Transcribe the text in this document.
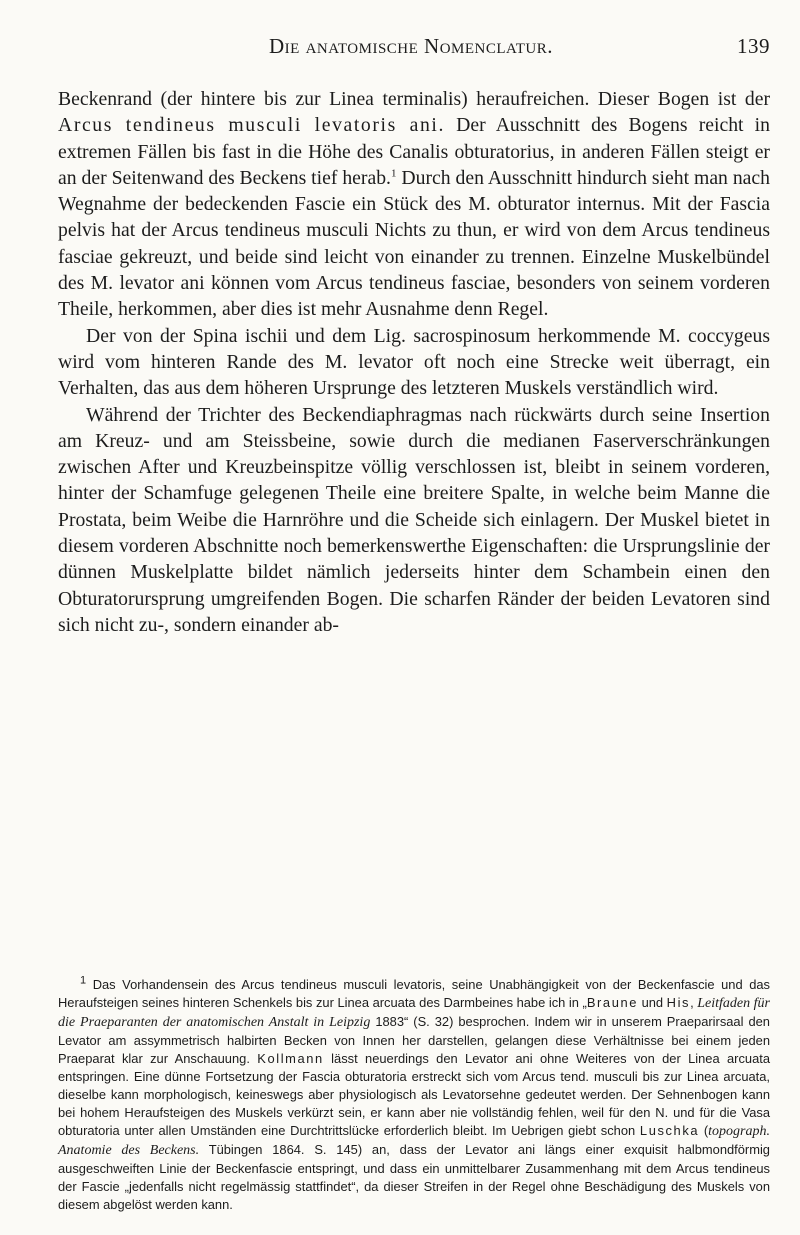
Die anatomische Nomenclatur.	139

Beckenrand (der hintere bis zur Linea terminalis) heraufreichen. Dieser Bogen ist der Arcus tendineus musculi levatoris ani. Der Ausschnitt des Bogens reicht in extremen Fällen bis fast in die Höhe des Canalis obturatorius, in anderen Fällen steigt er an der Seitenwand des Beckens tief herab.$^1$ Durch den Ausschnitt hindurch sieht man nach Wegnahme der bedeckenden Fascie ein Stück des M. obturator internus. Mit der Fascia pelvis hat der Arcus tendineus musculi Nichts zu thun, er wird von dem Arcus tendineus fasciae gekreuzt, und beide sind leicht von einander zu trennen. Einzelne Muskelbündel des M. levator ani können vom Arcus tendineus fasciae, besonders von seinem vorderen Theile, herkommen, aber dies ist mehr Ausnahme denn Regel.

Der von der Spina ischii und dem Lig. sacrospinosum herkommende M. coccygeus wird vom hinteren Rande des M. levator oft noch eine Strecke weit überragt, ein Verhalten, das aus dem höheren Ursprunge des letzteren Muskels verständlich wird.

Während der Trichter des Beckendiaphragmas nach rückwärts durch seine Insertion am Kreuz- und am Steissbeine, sowie durch die medianen Faserverschränkungen zwischen After und Kreuzbeinspitze völlig verschlossen ist, bleibt in seinem vorderen, hinter der Schamfuge gelegenen Theile eine breitere Spalte, in welche beim Manne die Prostata, beim Weibe die Harnröhre und die Scheide sich einlagern. Der Muskel bietet in diesem vorderen Abschnitte noch bemerkenswerthe Eigenschaften: die Ursprungslinie der dünnen Muskelplatte bildet nämlich jederseits hinter dem Schambein einen den Obturatorursprung umgreifenden Bogen. Die scharfen Ränder der beiden Levatoren sind sich nicht zu-, sondern einander ab-

$^1$ Das Vorhandensein des Arcus tendineus musculi levatoris, seine Unabhängigkeit von der Beckenfascie und das Heraufsteigen seines hinteren Schenkels bis zur Linea arcuata des Darmbeines habe ich in „Braune und His, Leitfaden für die Praeparanten der anatomischen Anstalt in Leipzig 1883“ (S. 32) besprochen. Indem wir in unserem Praeparirsaal den Levator am assymmetrisch halbirten Becken von Innen her darstellen, gelangen diese Verhältnisse bei einem jeden Praeparat klar zur Anschauung. Kollmann lässt neuerdings den Levator ani ohne Weiteres von der Linea arcuata entspringen. Eine dünne Fortsetzung der Fascia obturatoria erstreckt sich vom Arcus tend. musculi bis zur Linea arcuata, dieselbe kann morphologisch, keineswegs aber physiologisch als Levatorsehne gedeutet werden. Der Sehnenbogen kann bei hohem Heraufsteigen des Muskels verkürzt sein, er kann aber nie vollständig fehlen, weil für den N. und für die Vasa obturatoria unter allen Umständen eine Durchtrittslücke erforderlich bleibt. Im Uebrigen giebt schon Luschka (topograph. Anatomie des Beckens. Tübingen 1864. S. 145) an, dass der Levator ani längs einer exquisit halbmondförmig ausgeschweiften Linie der Beckenfascie entspringt, und dass ein unmittelbarer Zusammenhang mit dem Arcus tendineus der Fascie „jedenfalls nicht regelmässig stattfindet“, da dieser Streifen in der Regel ohne Beschädigung des Muskels von diesem abgelöst werden kann.
